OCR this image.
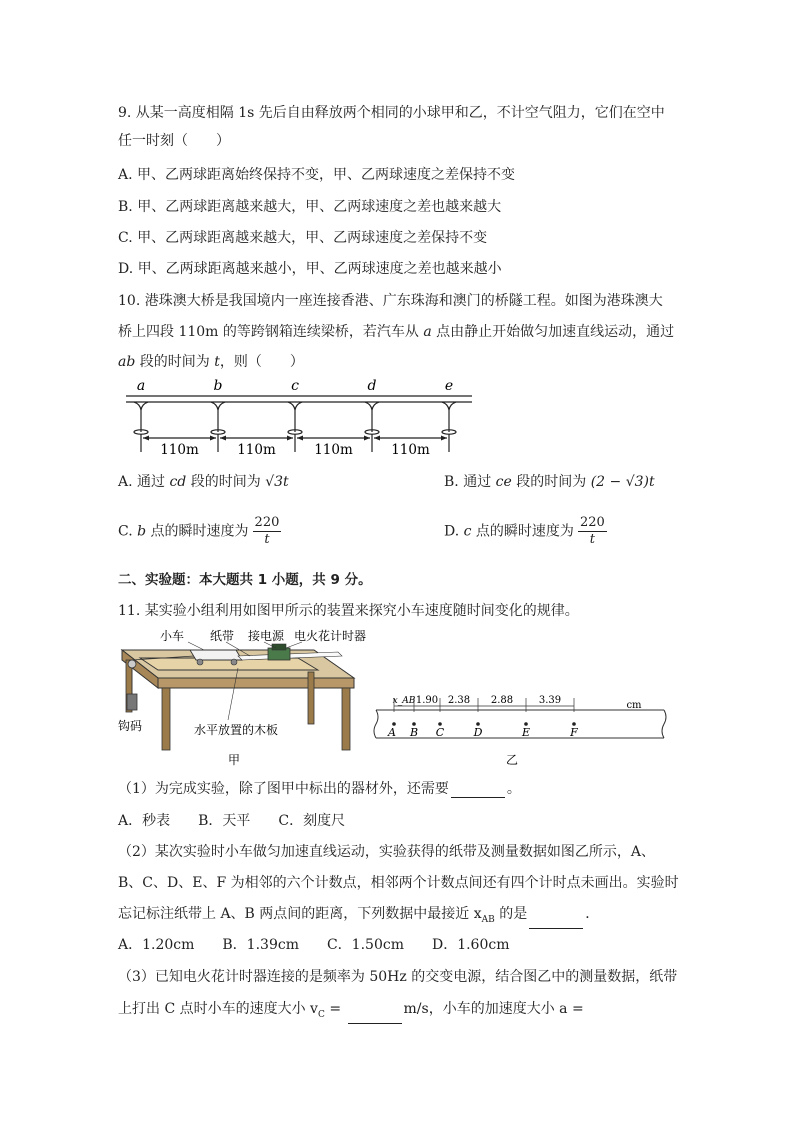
9. 从某一高度相隔 1s 先后自由释放两个相同的小球甲和乙，不计空气阻力，它们在空中
任一时刻（　　）
A. 甲、乙两球距离始终保持不变，甲、乙两球速度之差保持不变
B. 甲、乙两球距离越来越大，甲、乙两球速度之差也越来越大
C. 甲、乙两球距离越来越大，甲、乙两球速度之差保持不变
D. 甲、乙两球距离越来越小，甲、乙两球速度之差也越来越小
10. 港珠澳大桥是我国境内一座连接香港、广东珠海和澳门的桥隧工程。如图为港珠澳大
桥上四段 110m 的等跨钢箱连续梁桥，若汽车从 a 点由静止开始做匀加速直线运动，通过
ab 段的时间为 t，则（　　）
a	b	c	d	e
110m	110m	110m	110m
A. 通过 cd 段的时间为 √3t	B. 通过 ce 段的时间为 (2 − √3)t
C. b 点的瞬时速度为 $\frac{220}{t}$	D. c 点的瞬时速度为 $\frac{220}{t}$
二、实验题：本大题共 1 小题，共 9 分。
11. 某实验小组利用如图甲所示的装置来探究小车速度随时间变化的规律。
小车 纸带 接电源 电火花计时器
钩码	水平放置的木板
甲
x_AB 1.90 2.38 2.88	3.39	cm
A B C	D	E	F
乙
（1）为完成实验，除了图甲中标出的器材外，还需要	。
A．秒表　　B．天平　　C．刻度尺
（2）某次实验时小车做匀加速直线运动，实验获得的纸带及测量数据如图乙所示，A、
B、C、D、E、F 为相邻的六个计数点，相邻两个计数点间还有四个计时点未画出。实验时
忘记标注纸带上 A、B 两点间的距离，下列数据中最接近 $x_{AB}$ 的是	．
A．1.20cm　　B．1.39cm　　C．1.50cm　　D．1.60cm
（3）已知电火花计时器连接的是频率为 50Hz 的交变电源，结合图乙中的测量数据，纸带
上打出 C 点时小车的速度大小 $v_C$ =	m/s，小车的加速度大小 a =
